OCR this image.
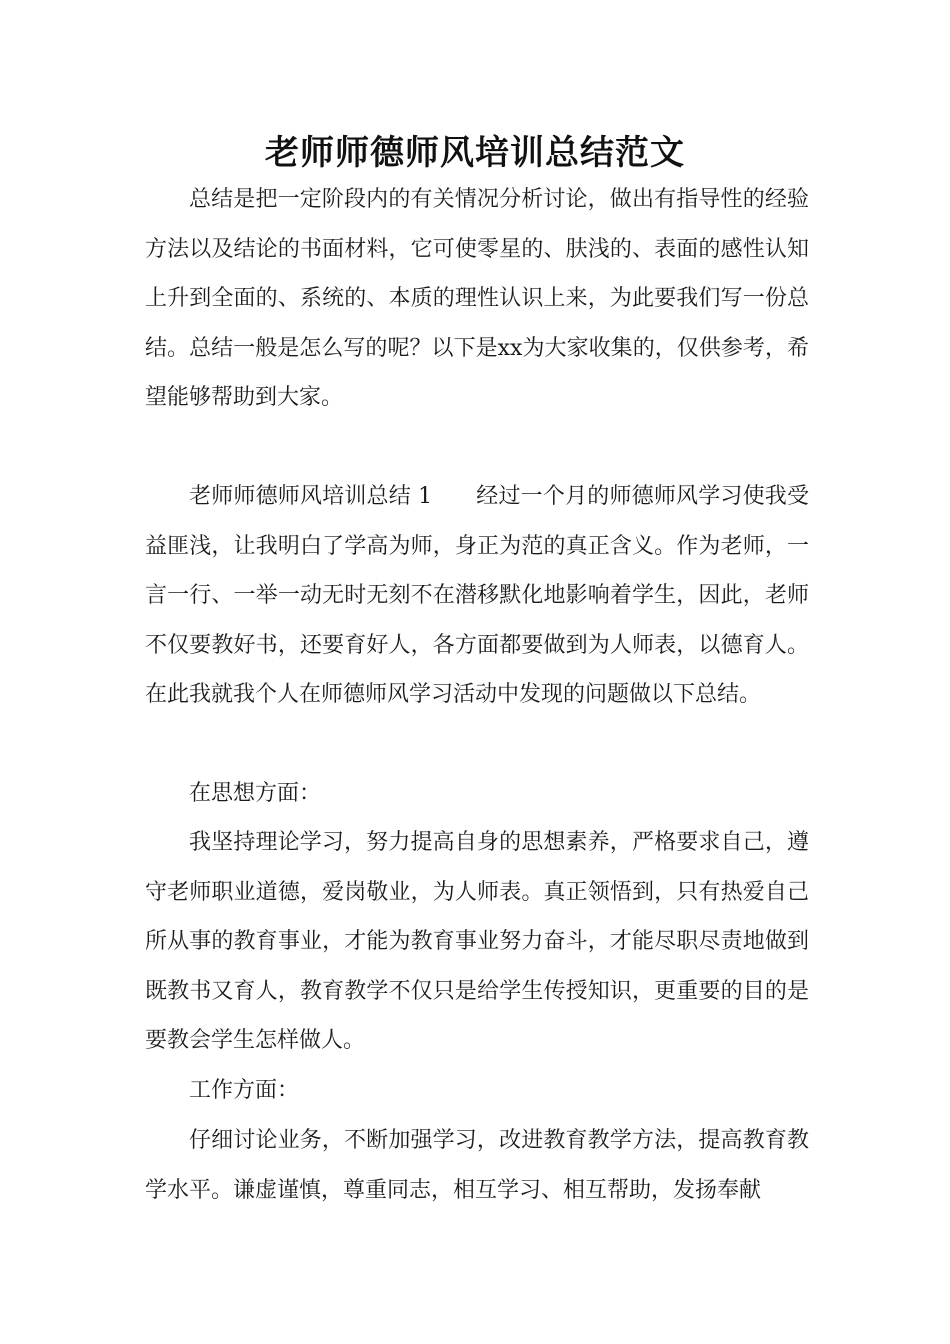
老师师德师风培训总结范文

总结是把一定阶段内的有关情况分析讨论，做出有指导性的经验方法以及结论的书面材料，它可使零星的、肤浅的、表面的感性认知上升到全面的、系统的、本质的理性认识上来，为此要我们写一份总结。总结一般是怎么写的呢？以下是xx为大家收集的，仅供参考，希望能够帮助到大家。

老师师德师风培训总结 1 经过一个月的师德师风学习使我受益匪浅，让我明白了学高为师，身正为范的真正含义。作为老师，一言一行、一举一动无时无刻不在潜移默化地影响着学生，因此，老师不仅要教好书，还要育好人，各方面都要做到为人师表，以德育人。在此我就我个人在师德师风学习活动中发现的问题做以下总结。

在思想方面：

我坚持理论学习，努力提高自身的思想素养，严格要求自己，遵守老师职业道德，爱岗敬业，为人师表。真正领悟到，只有热爱自己所从事的教育事业，才能为教育事业努力奋斗，才能尽职尽责地做到既教书又育人，教育教学不仅只是给学生传授知识，更重要的目的是要教会学生怎样做人。

工作方面：

仔细讨论业务，不断加强学习，改进教育教学方法，提高教育教学水平。谦虚谨慎，尊重同志，相互学习、相互帮助，发扬奉献
